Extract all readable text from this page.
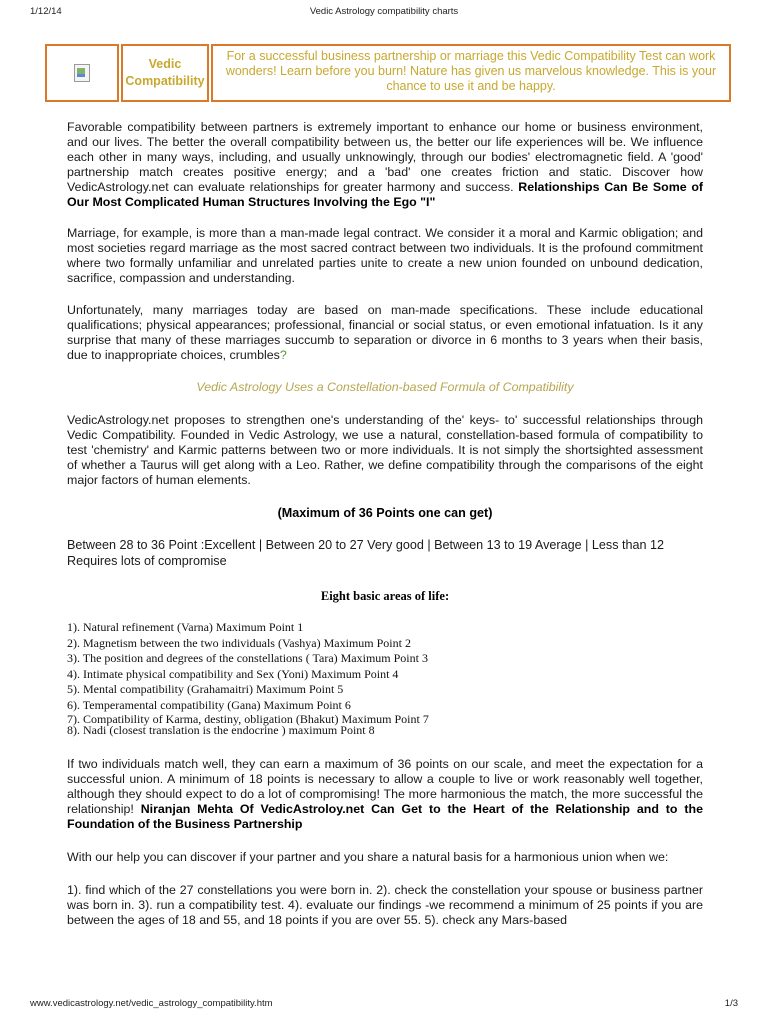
1/12/14	Vedic Astrology compatibility charts
Vedic
Compatibility
For a successful business partnership or marriage this Vedic Compatibility Test can work wonders! Learn before you burn! Nature has given us marvelous knowledge. This is your chance to use it and be happy.

Favorable compatibility between partners is extremely important to enhance our home or business environment, and our lives. The better the overall compatibility between us, the better our life experiences will be. We influence each other in many ways, including, and usually unknowingly, through our bodies' electromagnetic field. A 'good' partnership match creates positive energy; and a 'bad' one creates friction and static. Discover how VedicAstrology.net can evaluate relationships for greater harmony and success. Relationships Can Be Some of Our Most Complicated Human Structures Involving the Ego "I"

Marriage, for example, is more than a man-made legal contract. We consider it a moral and Karmic obligation; and most societies regard marriage as the most sacred contract between two individuals. It is the profound commitment where two formally unfamiliar and unrelated parties unite to create a new union founded on unbound dedication, sacrifice, compassion and understanding.

Unfortunately, many marriages today are based on man-made specifications. These include educational qualifications; physical appearances; professional, financial or social status, or even emotional infatuation. Is it any surprise that many of these marriages succumb to separation or divorce in 6 months to 3 years when their basis, due to inappropriate choices, crumbles?

Vedic Astrology Uses a Constellation-based Formula of Compatibility

VedicAstrology.net proposes to strengthen one's understanding of the' keys- to' successful relationships through Vedic Compatibility. Founded in Vedic Astrology, we use a natural, constellation-based formula of compatibility to test 'chemistry' and Karmic patterns between two or more individuals. It is not simply the shortsighted assessment of whether a Taurus will get along with a Leo. Rather, we define compatibility through the comparisons of the eight major factors of human elements.

(Maximum of 36 Points one can get)

Between 28 to 36 Point :Excellent | Between 20 to 27 Very good | Between 13 to 19 Average | Less than 12 Requires lots of compromise

Eight basic areas of life:

1). Natural refinement (Varna) Maximum Point 1
2). Magnetism between the two individuals (Vashya) Maximum Point 2
3). The position and degrees of the constellations ( Tara) Maximum Point 3
4). Intimate physical compatibility and Sex (Yoni) Maximum Point 4
5). Mental compatibility (Grahamaitri) Maximum Point 5
6). Temperamental compatibility (Gana) Maximum Point 6
7). Compatibility of Karma, destiny, obligation (Bhakut) Maximum Point 7
8). Nadi (closest translation is the endocrine ) maximum Point 8

If two individuals match well, they can earn a maximum of 36 points on our scale, and meet the expectation for a successful union. A minimum of 18 points is necessary to allow a couple to live or work reasonably well together, although they should expect to do a lot of compromising! The more harmonious the match, the more successful the relationship! Niranjan Mehta Of VedicAstroloy.net Can Get to the Heart of the Relationship and to the Foundation of the Business Partnership

With our help you can discover if your partner and you share a natural basis for a harmonious union when we:

1). find which of the 27 constellations you were born in. 2). check the constellation your spouse or business partner was born in. 3). run a compatibility test. 4). evaluate our findings -we recommend a minimum of 25 points if you are between the ages of 18 and 55, and 18 points if you are over 55. 5). check any Mars-based

www.vedicastrology.net/vedic_astrology_compatibility.htm	1/3
